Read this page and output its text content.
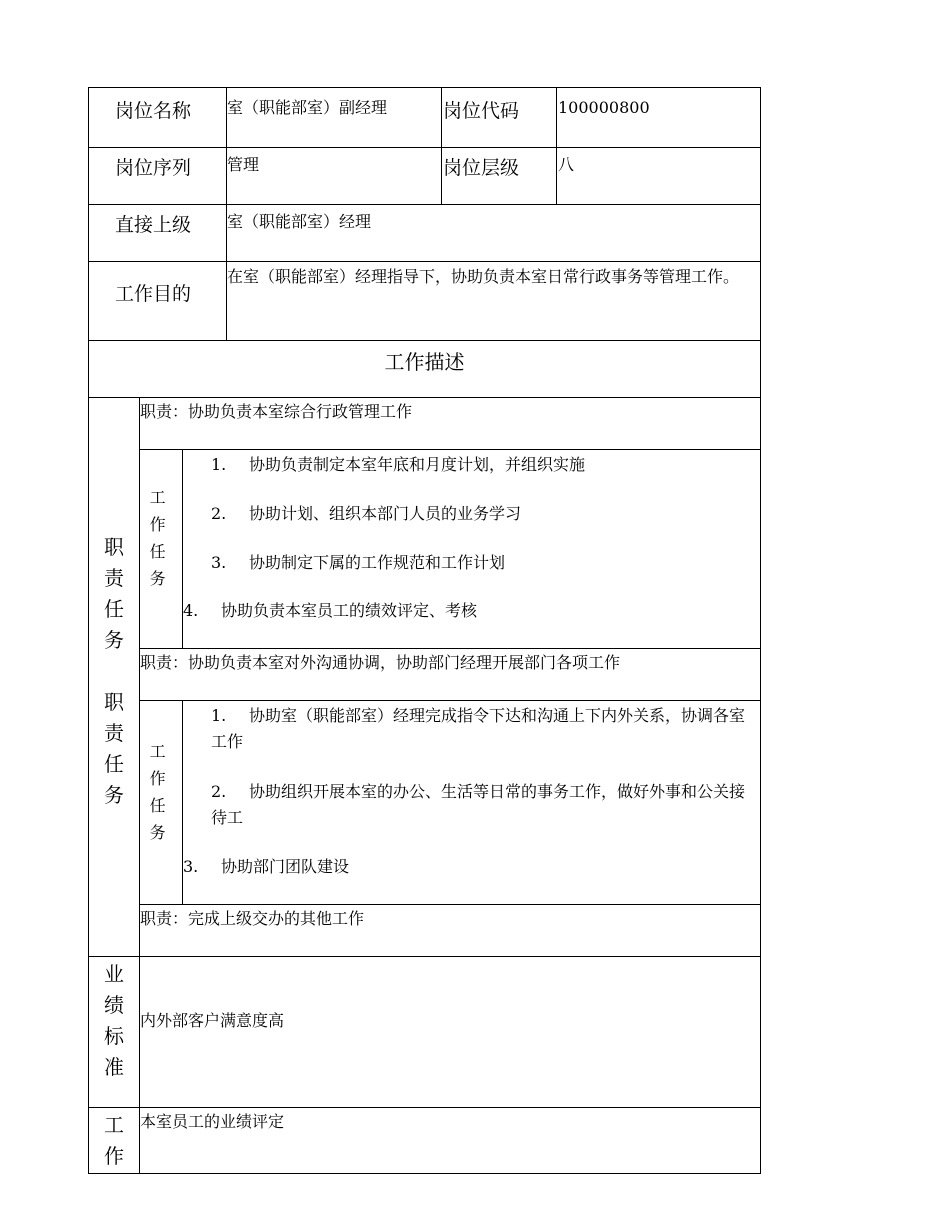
岗位名称 室（职能部室）副经理	岗位代码 100000800
岗位序列 管理	岗位层级 八
直接上级 室（职能部室）经理
工作目的
在室（职能部室）经理指导下，协助负责本室日常行政事务等管理工作。
工作描述
职
责
任
务
职
责
任
务
职责：协助负责本室综合行政管理工作
工
作
任
务
1. 协助负责制定本室年底和月度计划，并组织实施
2. 协助计划、组织本部门人员的业务学习
3. 协助制定下属的工作规范和工作计划
4. 协助负责本室员工的绩效评定、考核
职责：协助负责本室对外沟通协调，协助部门经理开展部门各项工作
工
作
任
务
1. 协助室（职能部室）经理完成指令下达和沟通上下内外关系，协调各室工作
2. 协助组织开展本室的办公、生活等日常的事务工作，做好外事和公关接待工
3. 协助部门团队建设
职责：完成上级交办的其他工作
业
绩
标
准
内外部客户满意度高
工
作
本室员工的业绩评定
